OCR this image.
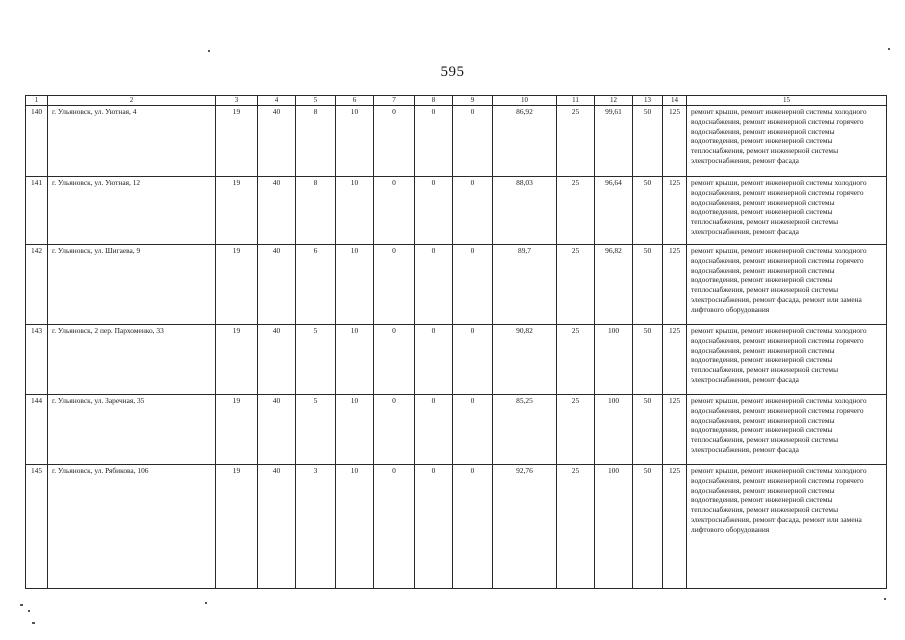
595
1	2	3	4	5	6	7	8	9	10	11	12	13	14	15
140	г. Ульяновск, ул. Уютная, 4	19	40	8	10	0	0	0	86,92	25	99,61	50	125	ремонт крыши, ремонт инженерной системы холодного водоснабжения, ремонт инженерной системы горячего водоснабжения, ремонт инженерной системы водоотведения, ремонт инженерной системы теплоснабжения, ремонт инженерной системы электроснабжения, ремонт фасада
141	г. Ульяновск, ул. Уютная, 12	19	40	8	10	0	0	0	88,03	25	96,64	50	125	ремонт крыши, ремонт инженерной системы холодного водоснабжения, ремонт инженерной системы горячего водоснабжения, ремонт инженерной системы водоотведения, ремонт инженерной системы теплоснабжения, ремонт инженерной системы электроснабжения, ремонт фасада
142	г. Ульяновск, ул. Шигаева, 9	19	40	6	10	0	0	0	89,7	25	96,82	50	125	ремонт крыши, ремонт инженерной системы холодного водоснабжения, ремонт инженерной системы горячего водоснабжения, ремонт инженерной системы водоотведения, ремонт инженерной системы теплоснабжения, ремонт инженерной системы электроснабжения, ремонт фасада, ремонт или замена лифтового оборудования
143	г. Ульяновск, 2 пер. Пархоменко, 33	19	40	5	10	0	0	0	90,82	25	100	50	125	ремонт крыши, ремонт инженерной системы холодного водоснабжения, ремонт инженерной системы горячего водоснабжения, ремонт инженерной системы водоотведения, ремонт инженерной системы теплоснабжения, ремонт инженерной системы электроснабжения, ремонт фасада
144	г. Ульяновск, ул. Заречная, 35	19	40	5	10	0	0	0	85,25	25	100	50	125	ремонт крыши, ремонт инженерной системы холодного водоснабжения, ремонт инженерной системы горячего водоснабжения, ремонт инженерной системы водоотведения, ремонт инженерной системы теплоснабжения, ремонт инженерной системы электроснабжения, ремонт фасада
145	г. Ульяновск, ул. Рябикова, 106	19	40	3	10	0	0	0	92,76	25	100	50	125	ремонт крыши, ремонт инженерной системы холодного водоснабжения, ремонт инженерной системы горячего водоснабжения, ремонт инженерной системы водоотведения, ремонт инженерной системы теплоснабжения, ремонт инженерной системы электроснабжения, ремонт фасада, ремонт или замена лифтового оборудования
